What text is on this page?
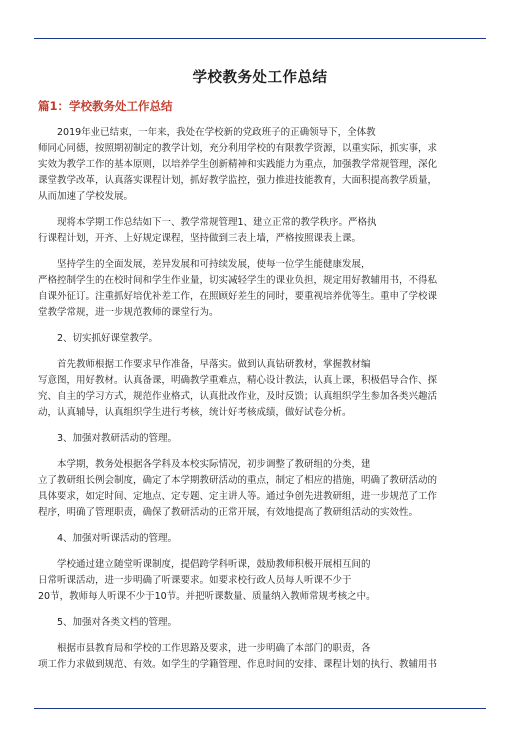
学校教务处工作总结
篇1：学校教务处工作总结
2019年业已结束，一年来，我处在学校新的党政班子的正确领导下，全体教
师同心同德，按照期初制定的教学计划，充分利用学校的有限教学资源，以重实际，抓实事，求
实效为教学工作的基本原则，以培养学生创新精神和实践能力为重点，加强教学常规管理，深化
课堂教学改革，认真落实课程计划，抓好教学监控，强力推进技能教育，大面积提高教学质量，
从而加速了学校发展。
现将本学期工作总结如下一、教学常规管理1、建立正常的教学秩序。严格执
行课程计划，开齐、上好规定课程，坚持做到三表上墙，严格按照课表上课。
坚持学生的全面发展，差异发展和可持续发展，使每一位学生能健康发展，
严格控制学生的在校时间和学生作业量，切实减轻学生的课业负担，规定用好教辅用书，不得私
自课外征订。注重抓好培优补差工作，在照顾好差生的同时，要重视培养优等生。重申了学校课
堂教学常规，进一步规范教师的课堂行为。
2、切实抓好课堂教学。
首先教师根据工作要求早作准备，早落实。做到认真钻研教材，掌握教材编
写意图，用好教材。认真备课，明确教学重难点，精心设计教法，认真上课，积极倡导合作、探
究、自主的学习方式，规范作业格式，认真批改作业，及时反馈；认真组织学生参加各类兴趣活
动，认真辅导，认真组织学生进行考核，统计好考核成绩，做好试卷分析。
3、加强对教研活动的管理。
本学期，教务处根据各学科及本校实际情况，初步调整了教研组的分类，建
立了教研组长例会制度，确定了本学期教研活动的重点，制定了相应的措施，明确了教研活动的
具体要求，如定时间、定地点、定专题、定主讲人等。通过争创先进教研组，进一步规范了工作
程序，明确了管理职责，确保了教研活动的正常开展，有效地提高了教研组活动的实效性。
4、加强对听课活动的管理。
学校通过建立随堂听课制度，提倡跨学科听课，鼓励教师积极开展相互间的
日常听课活动，进一步明确了听课要求。如要求校行政人员每人听课不少于
20节，教师每人听课不少于10节。并把听课数量、质量纳入教师常规考核之中。
5、加强对各类文档的管理。
根据市县教育局和学校的工作思路及要求，进一步明确了本部门的职责，各
项工作力求做到规范、有效。如学生的学籍管理、作息时间的安排、课程计划的执行、教辅用书
